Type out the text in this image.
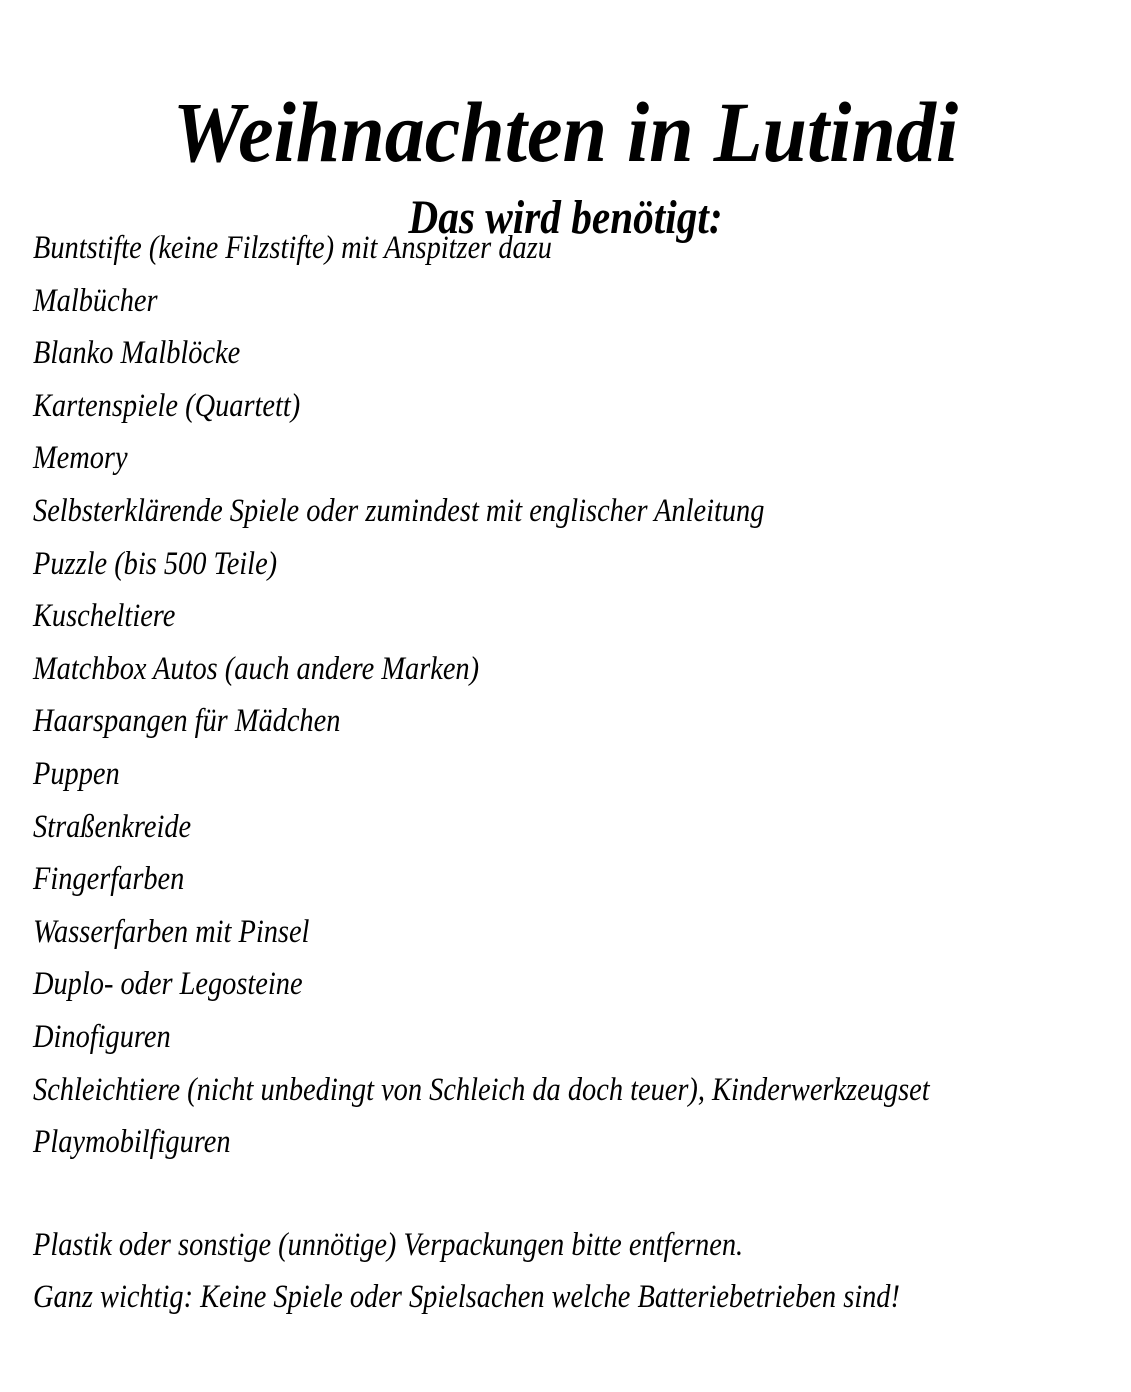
Weihnachten in Lutindi
Das wird benötigt:
Buntstifte (keine Filzstifte) mit Anspitzer dazu
Malbücher
Blanko Malblöcke
Kartenspiele (Quartett)
Memory
Selbsterklärende Spiele oder zumindest mit englischer Anleitung
Puzzle (bis 500 Teile)
Kuscheltiere
Matchbox Autos (auch andere Marken)
Haarspangen für Mädchen
Puppen
Straßenkreide
Fingerfarben
Wasserfarben mit Pinsel
Duplo- oder Legosteine
Dinofiguren
Schleichtiere (nicht unbedingt von Schleich da doch teuer), Kinderwerkzeugset
Playmobilfiguren

Plastik oder sonstige (unnötige) Verpackungen bitte entfernen.

Ganz wichtig: Keine Spiele oder Spielsachen welche Batteriebetrieben sind!
